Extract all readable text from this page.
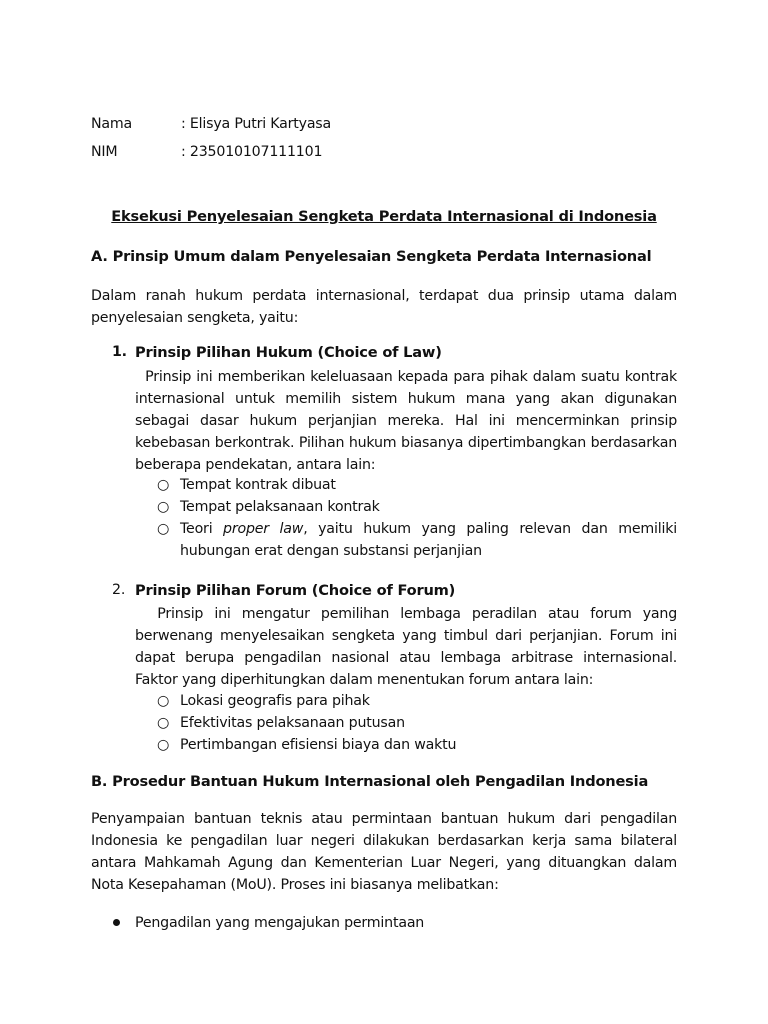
Nama	: Elisya Putri Kartyasa

NIM	: 235010107111101

Eksekusi Penyelesaian Sengketa Perdata Internasional di Indonesia

A. Prinsip Umum dalam Penyelesaian Sengketa Perdata Internasional

Dalam ranah hukum perdata internasional, terdapat dua prinsip utama dalam penyelesaian sengketa, yaitu:

1. Prinsip Pilihan Hukum (Choice of Law)

Prinsip ini memberikan keleluasaan kepada para pihak dalam suatu kontrak internasional untuk memilih sistem hukum mana yang akan digunakan sebagai dasar hukum perjanjian mereka. Hal ini mencerminkan prinsip kebebasan berkontrak. Pilihan hukum biasanya dipertimbangkan berdasarkan beberapa pendekatan, antara lain:

○ Tempat kontrak dibuat
○ Tempat pelaksanaan kontrak
○ Teori proper law, yaitu hukum yang paling relevan dan memiliki hubungan erat dengan substansi perjanjian

2. Prinsip Pilihan Forum (Choice of Forum)

Prinsip ini mengatur pemilihan lembaga peradilan atau forum yang berwenang menyelesaikan sengketa yang timbul dari perjanjian. Forum ini dapat berupa pengadilan nasional atau lembaga arbitrase internasional. Faktor yang diperhitungkan dalam menentukan forum antara lain:

○ Lokasi geografis para pihak
○ Efektivitas pelaksanaan putusan
○ Pertimbangan efisiensi biaya dan waktu

B. Prosedur Bantuan Hukum Internasional oleh Pengadilan Indonesia

Penyampaian bantuan teknis atau permintaan bantuan hukum dari pengadilan Indonesia ke pengadilan luar negeri dilakukan berdasarkan kerja sama bilateral antara Mahkamah Agung dan Kementerian Luar Negeri, yang dituangkan dalam Nota Kesepahaman (MoU). Proses ini biasanya melibatkan:

Pengadilan yang mengajukan permintaan
